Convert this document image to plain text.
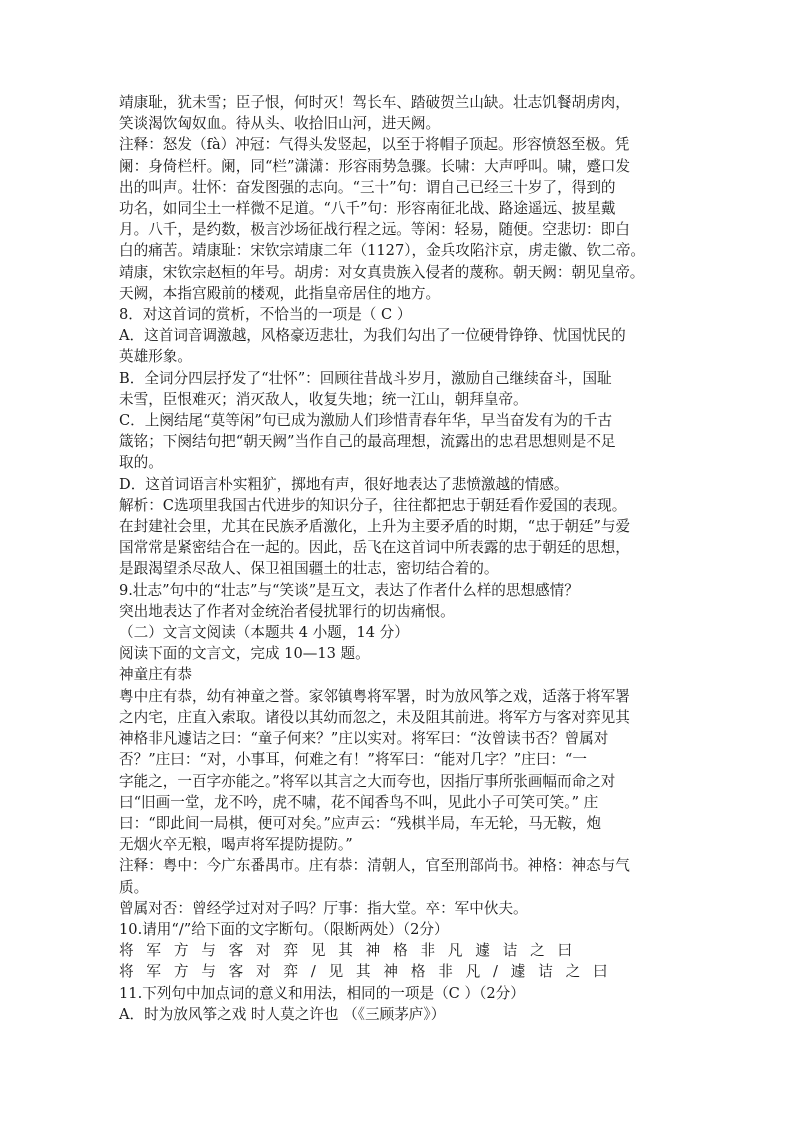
靖康耻，犹未雪；臣子恨，何时灭！驾长车、踏破贺兰山缺。壮志饥餐胡虏肉，

笑谈渴饮匈奴血。待从头、收拾旧山河，进天阙。

注释：怒发（fà）冲冠：气得头发竖起，以至于将帽子顶起。形容愤怒至极。凭

阑：身倚栏杆。阑，同“栏”潇潇：形容雨势急骤。长啸：大声呼叫。啸，蹙口发

出的叫声。壮怀：奋发图强的志向。“三十”句：谓自己已经三十岁了，得到的

功名，如同尘土一样微不足道。“八千”句：形容南征北战、路途遥远、披星戴

月。八千，是约数，极言沙场征战行程之远。等闲：轻易，随便。空悲切：即白

白的痛苦。靖康耻：宋钦宗靖康二年（1127），金兵攻陷汴京，虏走徽、钦二帝。

靖康，宋钦宗赵桓的年号。胡虏：对女真贵族入侵者的蔑称。朝天阙：朝见皇帝。

天阙，本指宫殿前的楼观，此指皇帝居住的地方。

8．对这首词的赏析，不恰当的一项是（ C ）

A．这首词音调激越，风格豪迈悲壮，为我们勾出了一位硬骨铮铮、忧国忧民的

英雄形象。

B．全词分四层抒发了“壮怀”：回顾往昔战斗岁月，激励自己继续奋斗，国耻

未雪，臣恨难灭；消灭敌人，收复失地；统一江山，朝拜皇帝。

C．上阕结尾“莫等闲”句已成为激励人们珍惜青春年华，早当奋发有为的千古

箴铭；下阕结句把“朝天阙”当作自己的最高理想，流露出的忠君思想则是不足

取的。

D．这首词语言朴实粗犷，掷地有声，很好地表达了悲愤激越的情感。

解析：C选项里我国古代进步的知识分子，往往都把忠于朝廷看作爱国的表现。

在封建社会里，尤其在民族矛盾激化，上升为主要矛盾的时期，“忠于朝廷”与爱

国常常是紧密结合在一起的。因此，岳飞在这首词中所表露的忠于朝廷的思想，

是跟渴望杀尽敌人、保卫祖国疆土的壮志，密切结合着的。

9.壮志”句中的“壮志”与“笑谈”是互文，表达了作者什么样的思想感情？

突出地表达了作者对金统治者侵扰罪行的切齿痛恨。

（二）文言文阅读（本题共 4 小题，14 分）

阅读下面的文言文，完成 10—13 题。

神童庄有恭

粤中庄有恭，幼有神童之誉。家邻镇粤将军署，时为放风筝之戏，适落于将军署

之内宅，庄直入索取。诸役以其幼而忽之，未及阻其前进。将军方与客对弈见其

神格非凡遽诘之曰：“童子何来？”庄以实对。将军曰：“汝曾读书否？曾属对

否？”庄曰：“对，小事耳，何难之有！”将军曰：“能对几字？”庄曰：“一

字能之，一百字亦能之。”将军以其言之大而夸也，因指厅事所张画幅而命之对

曰“旧画一堂，龙不吟，虎不啸，花不闻香鸟不叫，见此小子可笑可笑。” 庄

曰：“即此间一局棋，便可对矣。”应声云：“残棋半局，车无轮，马无鞍，炮

无烟火卒无粮，喝声将军提防提防。”

注释：粤中：今广东番禺市。庄有恭：清朝人，官至刑部尚书。神格：神态与气

质。

曾属对否：曾经学过对对子吗？厅事：指大堂。卒：军中伙夫。

10.请用“/”给下面的文字断句。（限断两处）（2分）

将 军 方 与 客 对 弈 见 其 神 格 非 凡 遽 诘 之 曰

将 军 方 与 客 对 弈 / 见 其 神 格 非 凡 / 遽 诘 之 曰

11.下列句中加点词的意义和用法，相同的一项是（C ）（2分）

A．时为放风筝之戏 时人莫之许也 （《三顾茅庐》）
